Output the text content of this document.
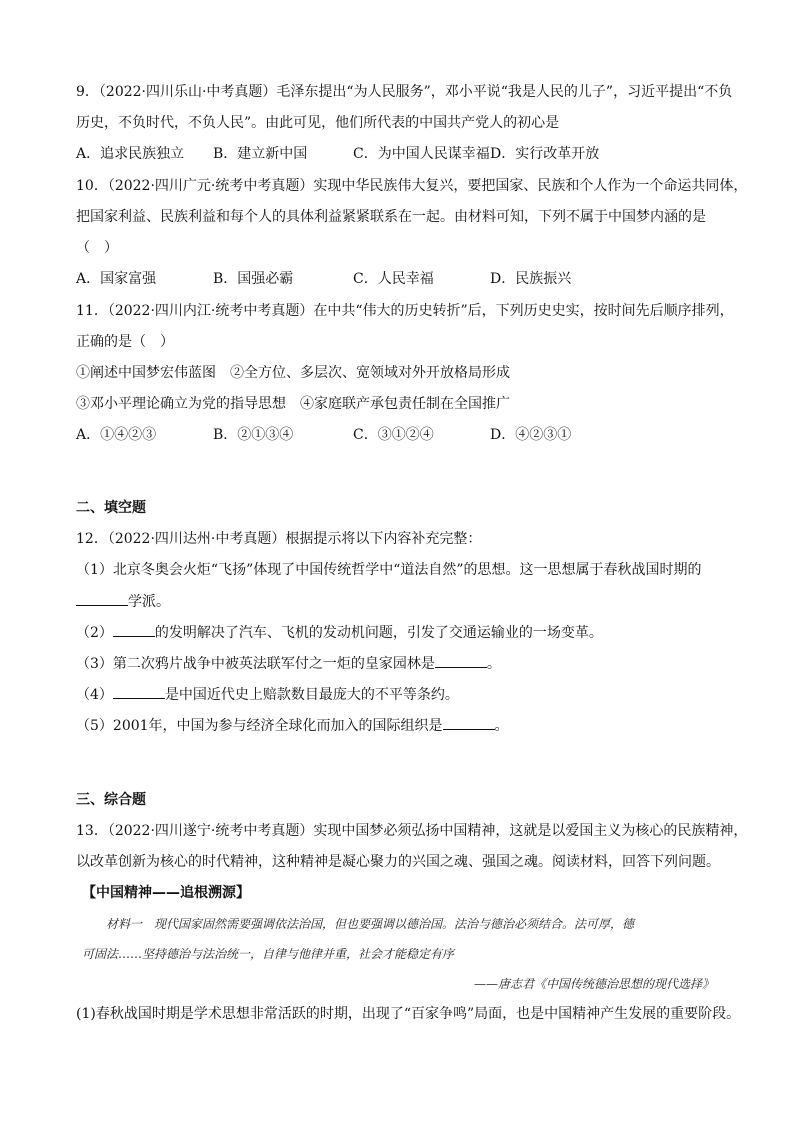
9．（2022·四川乐山·中考真题）毛泽东提出“为人民服务”，邓小平说“我是人民的儿子”，习近平提出“不负
历史，不负时代，不负人民”。由此可见，他们所代表的中国共产党人的初心是
A．追求民族独立 B．建立新中国	C．为中国人民谋幸福 D．实行改革开放
10．（2022·四川广元·统考中考真题）实现中华民族伟大复兴，要把国家、民族和个人作为一个命运共同体，
把国家利益、民族利益和每个人的具体利益紧紧联系在一起。由材料可知，下列不属于中国梦内涵的是
（　）
A．国家富强	B．国强必霸	C．人民幸福	D．民族振兴
11．（2022·四川内江·统考中考真题）在中共“伟大的历史转折”后，下列历史史实，按时间先后顺序排列，
正确的是（　）
①阐述中国梦宏伟蓝图　②全方位、多层次、宽领域对外开放格局形成
③邓小平理论确立为党的指导思想　④家庭联产承包责任制在全国推广
A．①④②③	B．②①③④	C．③①②④	D．④②③①
二、填空题
12．（2022·四川达州·中考真题）根据提示将以下内容补充完整：
（1）北京冬奥会火炬“飞扬”体现了中国传统哲学中“道法自然”的思想。这一思想属于春秋战国时期的
学派。
（2）	的发明解决了汽车、飞机的发动机问题，引发了交通运输业的一场变革。
（3）第二次鸦片战争中被英法联军付之一炬的皇家园林是	。
（4）	是中国近代史上赔款数目最庞大的不平等条约。
（5）2001年，中国为参与经济全球化而加入的国际组织是	。
三、综合题
13．（2022·四川遂宁·统考中考真题）实现中国梦必须弘扬中国精神，这就是以爱国主义为核心的民族精神，
以改革创新为核心的时代精神，这种精神是凝心聚力的兴国之魂、强国之魂。阅读材料，回答下列问题。
【中国精神——追根溯源】
材料一　现代国家固然需要强调依法治国，但也要强调以德治国。法治与德治必须结合。法可厚，德
可固法……坚持德治与法治统一，自律与他律并重，社会才能稳定有序
——唐志君《中国传统德治思想的现代选择》
(1)春秋战国时期是学术思想非常活跃的时期，出现了“百家争鸣”局面，也是中国精神产生发展的重要阶段。
